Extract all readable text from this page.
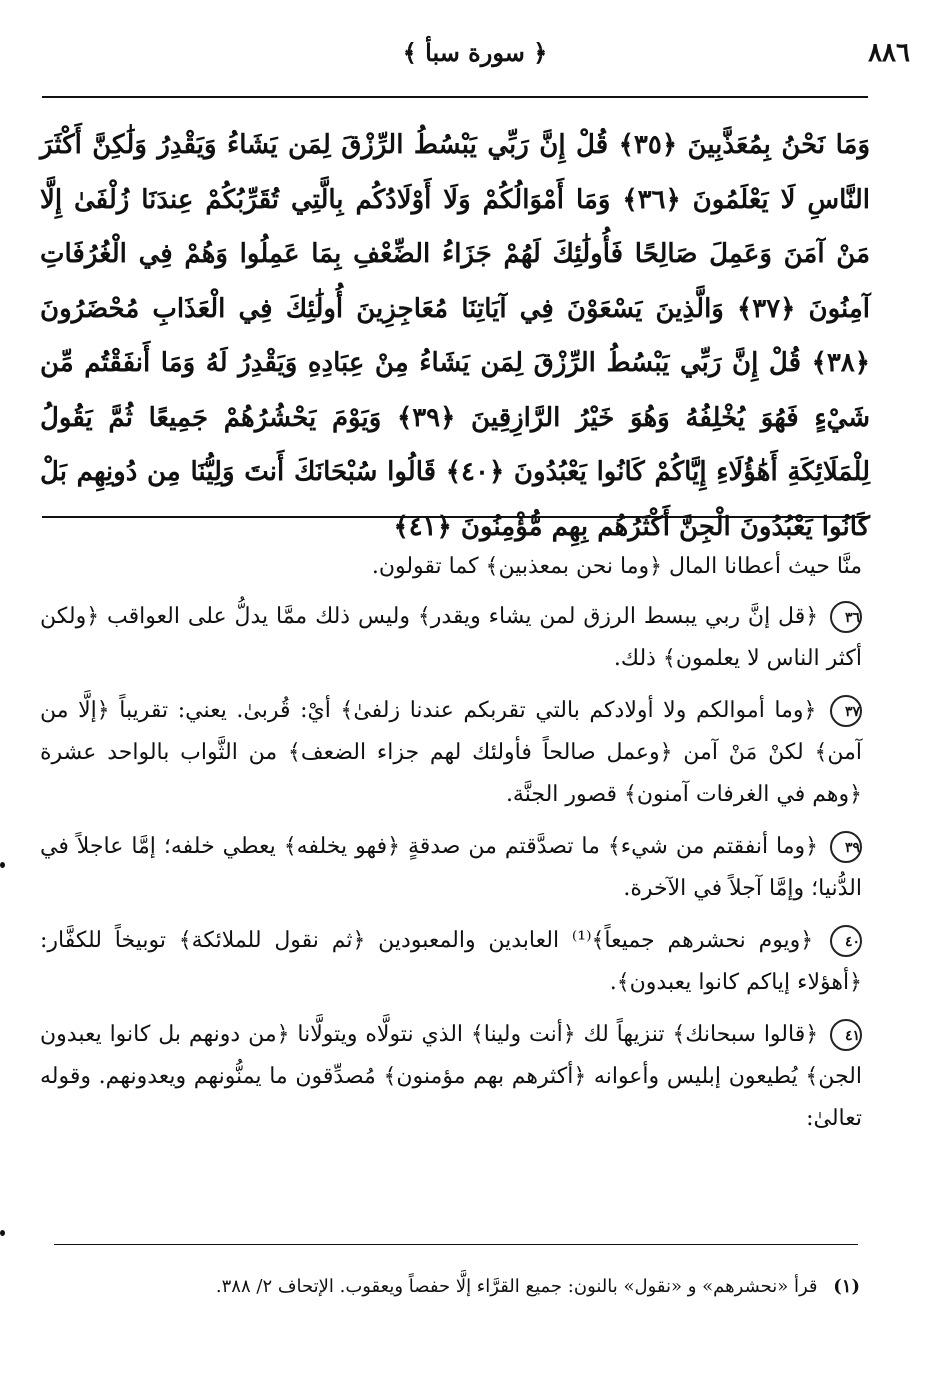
٨٨٦
﴿ سورة سبأ ﴾
وَمَا نَحْنُ بِمُعَذَّبِينَ ﴿٣٥﴾ قُلْ إِنَّ رَبِّي يَبْسُطُ الرِّزْقَ لِمَن يَشَاءُ وَيَقْدِرُ وَلَٰكِنَّ أَكْثَرَ النَّاسِ لَا يَعْلَمُونَ ﴿٣٦﴾ وَمَا أَمْوَالُكُمْ وَلَا أَوْلَادُكُم بِالَّتِي تُقَرِّبُكُمْ عِندَنَا زُلْفَىٰ إِلَّا مَنْ آمَنَ وَعَمِلَ صَالِحًا فَأُولَٰئِكَ لَهُمْ جَزَاءُ الضِّعْفِ بِمَا عَمِلُوا وَهُمْ فِي الْغُرُفَاتِ آمِنُونَ ﴿٣٧﴾ وَالَّذِينَ يَسْعَوْنَ فِي آيَاتِنَا مُعَاجِزِينَ أُولَٰئِكَ فِي الْعَذَابِ مُحْضَرُونَ ﴿٣٨﴾ قُلْ إِنَّ رَبِّي يَبْسُطُ الرِّزْقَ لِمَن يَشَاءُ مِنْ عِبَادِهِ وَيَقْدِرُ لَهُ وَمَا أَنفَقْتُم مِّن شَيْءٍ فَهُوَ يُخْلِفُهُ وَهُوَ خَيْرُ الرَّازِقِينَ ﴿٣٩﴾ وَيَوْمَ يَحْشُرُهُمْ جَمِيعًا ثُمَّ يَقُولُ لِلْمَلَائِكَةِ أَهَٰؤُلَاءِ إِيَّاكُمْ كَانُوا يَعْبُدُونَ ﴿٤٠﴾ قَالُوا سُبْحَانَكَ أَنتَ وَلِيُّنَا مِن دُونِهِم بَلْ كَانُوا يَعْبُدُونَ الْجِنَّ أَكْثَرُهُم بِهِم مُّؤْمِنُونَ ﴿٤١﴾
منَّا حيث أعطانا المال ﴿وما نحن بمعذبين﴾ كما تقولون.
٣٦ ﴿قل إنَّ ربي يبسط الرزق لمن يشاء ويقدر﴾ وليس ذلك ممَّا يدلُّ على العواقب ﴿ولكن أكثر الناس لا يعلمون﴾ ذلك.
٣٧ ﴿وما أموالكم ولا أولادكم بالتي تقربكم عندنا زلفىٰ﴾ أيْ: قُربىٰ. يعني: تقريباً ﴿إلَّا من آمن﴾ لكنْ مَنْ آمن ﴿وعمل صالحاً فأولئك لهم جزاء الضعف﴾ من الثَّواب بالواحد عشرة ﴿وهم في الغرفات آمنون﴾ قصور الجنَّة.
٣٩ ﴿وما أنفقتم من شيء﴾ ما تصدَّقتم من صدقةٍ ﴿فهو يخلفه﴾ يعطي خلفه؛ إمَّا عاجلاً في الدُّنيا؛ وإمَّا آجلاً في الآخرة.
٤٠ ﴿ويوم نحشرهم جميعاً﴾⁽¹⁾ العابدين والمعبودين ﴿ثم نقول للملائكة﴾ توبيخاً للكفَّار: ﴿أهؤلاء إياكم كانوا يعبدون﴾.
٤١ ﴿قالوا سبحانك﴾ تنزيهاً لك ﴿أنت ولينا﴾ الذي نتولَّاه ويتولَّانا ﴿من دونهم بل كانوا يعبدون الجن﴾ يُطيعون إبليس وأعوانه ﴿أكثرهم بهم مؤمنون﴾ مُصدِّقون ما يمنُّونهم ويعدونهم. وقوله تعالىٰ:
(١) قرأ «نحشرهم» و «نقول» بالنون: جميع القرَّاء إلَّا حفصاً ويعقوب. الإتحاف ٢/ ٣٨٨.
